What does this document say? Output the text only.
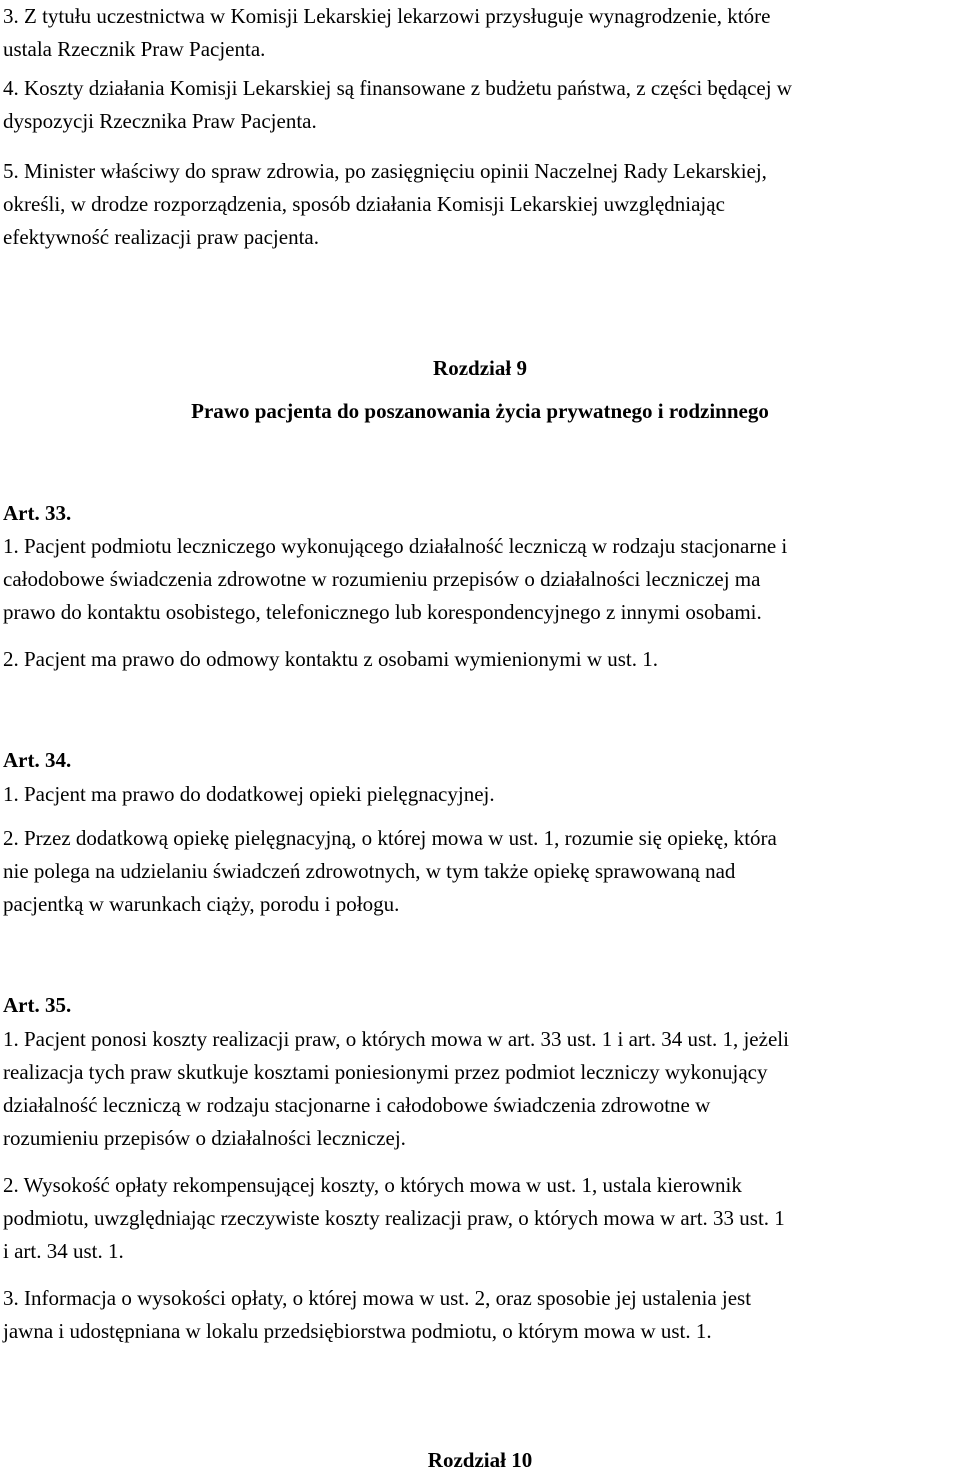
3. Z tytułu uczestnictwa w Komisji Lekarskiej lekarzowi przysługuje wynagrodzenie, które
ustala Rzecznik Praw Pacjenta.
4. Koszty działania Komisji Lekarskiej są finansowane z budżetu państwa, z części będącej w
dyspozycji Rzecznika Praw Pacjenta.
5. Minister właściwy do spraw zdrowia, po zasięgnięciu opinii Naczelnej Rady Lekarskiej,
określi, w drodze rozporządzenia, sposób działania Komisji Lekarskiej uwzględniając
efektywność realizacji praw pacjenta.
Rozdział 9
Prawo pacjenta do poszanowania życia prywatnego i rodzinnego
Art. 33.
1. Pacjent podmiotu leczniczego wykonującego działalność leczniczą w rodzaju stacjonarne i
całodobowe świadczenia zdrowotne w rozumieniu przepisów o działalności leczniczej ma
prawo do kontaktu osobistego, telefonicznego lub korespondencyjnego z innymi osobami.
2. Pacjent ma prawo do odmowy kontaktu z osobami wymienionymi w ust. 1.
Art. 34.
1. Pacjent ma prawo do dodatkowej opieki pielęgnacyjnej.
2. Przez dodatkową opiekę pielęgnacyjną, o której mowa w ust. 1, rozumie się opiekę, która
nie polega na udzielaniu świadczeń zdrowotnych, w tym także opiekę sprawowaną nad
pacjentką w warunkach ciąży, porodu i połogu.
Art. 35.
1. Pacjent ponosi koszty realizacji praw, o których mowa w art. 33 ust. 1 i art. 34 ust. 1, jeżeli
realizacja tych praw skutkuje kosztami poniesionymi przez podmiot leczniczy wykonujący
działalność leczniczą w rodzaju stacjonarne i całodobowe świadczenia zdrowotne w
rozumieniu przepisów o działalności leczniczej.
2. Wysokość opłaty rekompensującej koszty, o których mowa w ust. 1, ustala kierownik
podmiotu, uwzględniając rzeczywiste koszty realizacji praw, o których mowa w art. 33 ust. 1
i art. 34 ust. 1.
3. Informacja o wysokości opłaty, o której mowa w ust. 2, oraz sposobie jej ustalenia jest
jawna i udostępniana w lokalu przedsiębiorstwa podmiotu, o którym mowa w ust. 1.
Rozdział 10
